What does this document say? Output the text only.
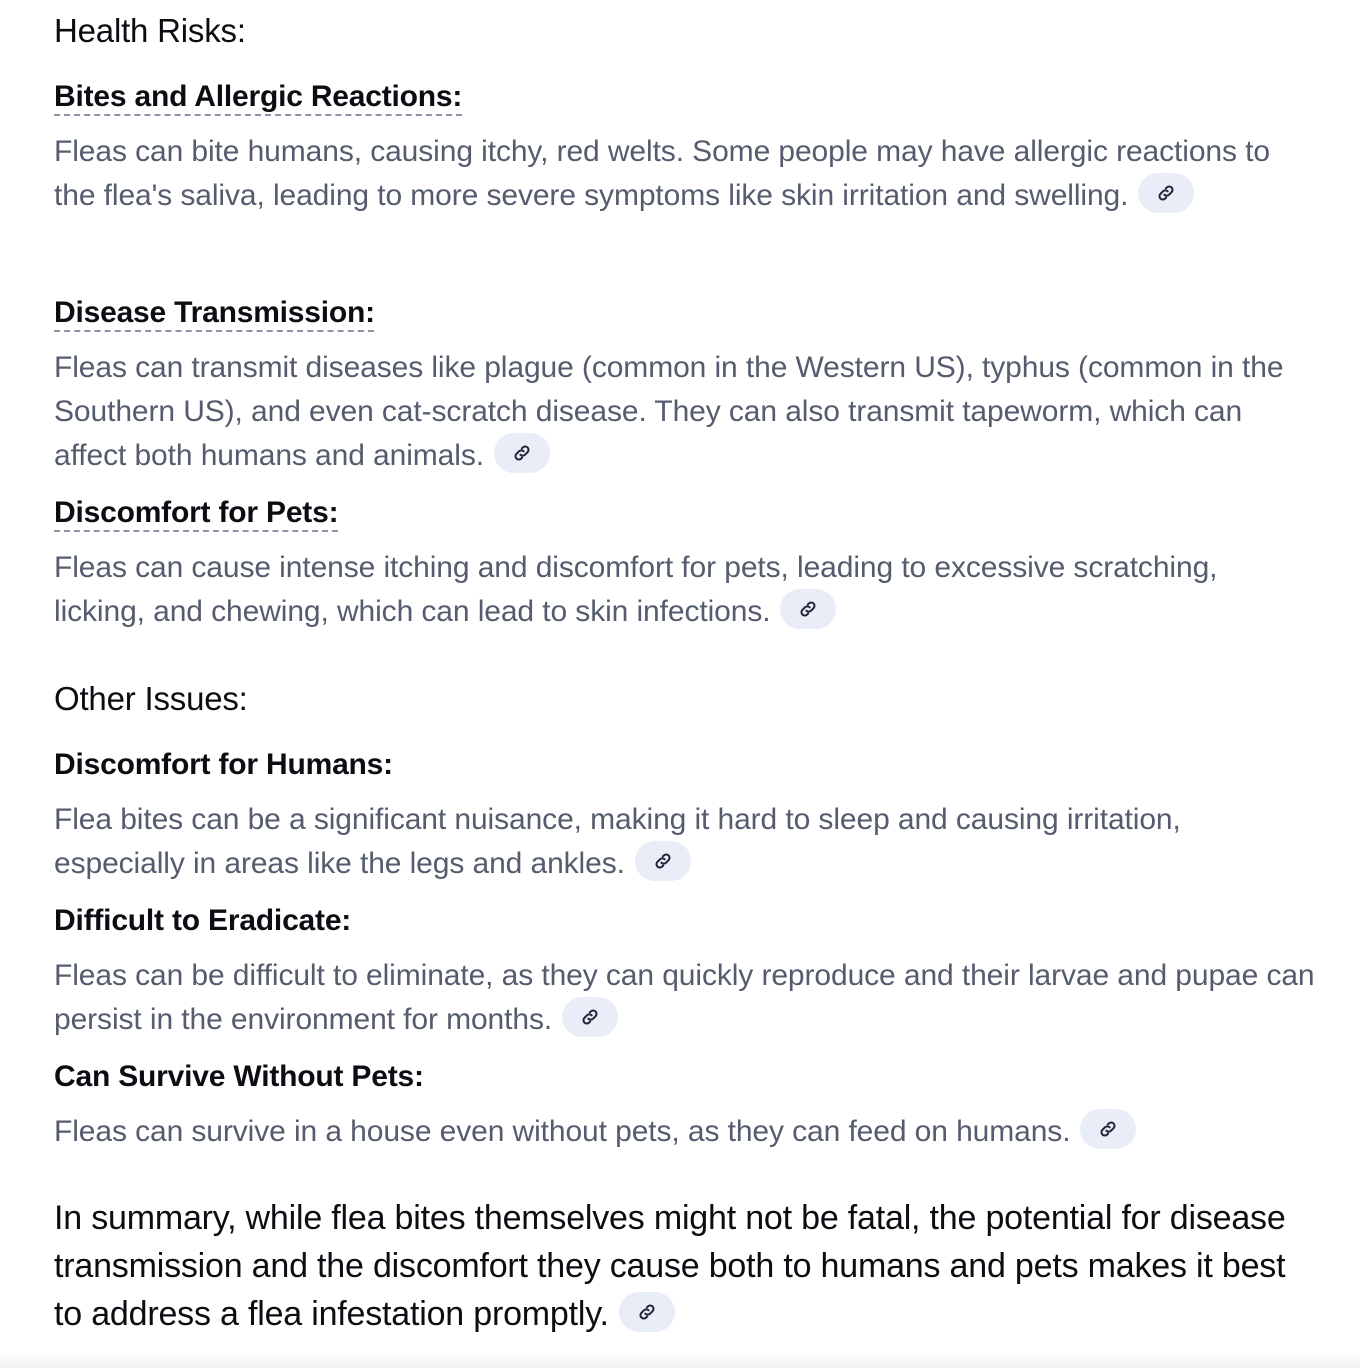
Health Risks:
Bites and Allergic Reactions:

Fleas can bite humans, causing itchy, red welts. Some people may have allergic reactions to the flea's saliva, leading to more severe symptoms like skin irritation and swelling.

Disease Transmission:

Fleas can transmit diseases like plague (common in the Western US), typhus (common in the Southern US), and even cat-scratch disease. They can also transmit tapeworm, which can affect both humans and animals.

Discomfort for Pets:

Fleas can cause intense itching and discomfort for pets, leading to excessive scratching, licking, and chewing, which can lead to skin infections.

Other Issues:
Discomfort for Humans:

Flea bites can be a significant nuisance, making it hard to sleep and causing irritation, especially in areas like the legs and ankles.

Difficult to Eradicate:

Fleas can be difficult to eliminate, as they can quickly reproduce and their larvae and pupae can persist in the environment for months.

Can Survive Without Pets:

Fleas can survive in a house even without pets, as they can feed on humans.

In summary, while flea bites themselves might not be fatal, the potential for disease transmission and the discomfort they cause both to humans and pets makes it best to address a flea infestation promptly.
